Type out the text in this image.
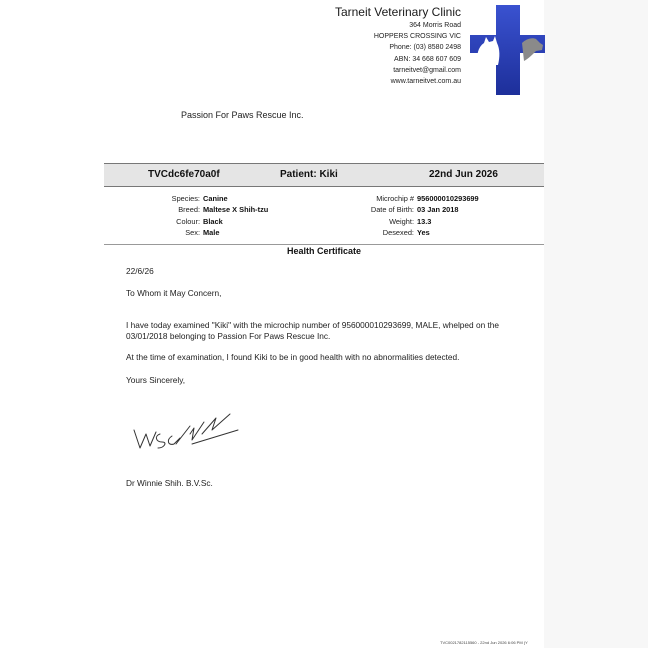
Tarneit Veterinary Clinic
364 Morris Road
HOPPERS CROSSING VIC
Phone: (03) 8580 2498
ABN: 34 668 607 609
tarneitvet@gmail.com
www.tarneitvet.com.au
Passion For Paws Rescue Inc.
TVCdc6fe70a0f	Patient: Kiki	22nd Jun 2026
Species: Canine
Breed: Maltese X Shih-tzu
Colour: Black
Sex: Male
Microchip # 956000010293699
Date of Birth: 03 Jan 2018
Weight: 13.3
Desexed: Yes
Health Certificate
22/6/26
To Whom it May Concern,
I have today examined "Kiki" with the microchip number of 956000010293699, MALE, whelped on the 03/01/2018 belonging to Passion For Paws Rescue Inc.
At the time of examination, I found Kiki to be in good health with no abnormalities detected.
Yours Sincerely,
Dr Winnie Shih. B.V.Sc.
TVC0021782115560 - 22nd Jun 2026 6:06 PM (Y
